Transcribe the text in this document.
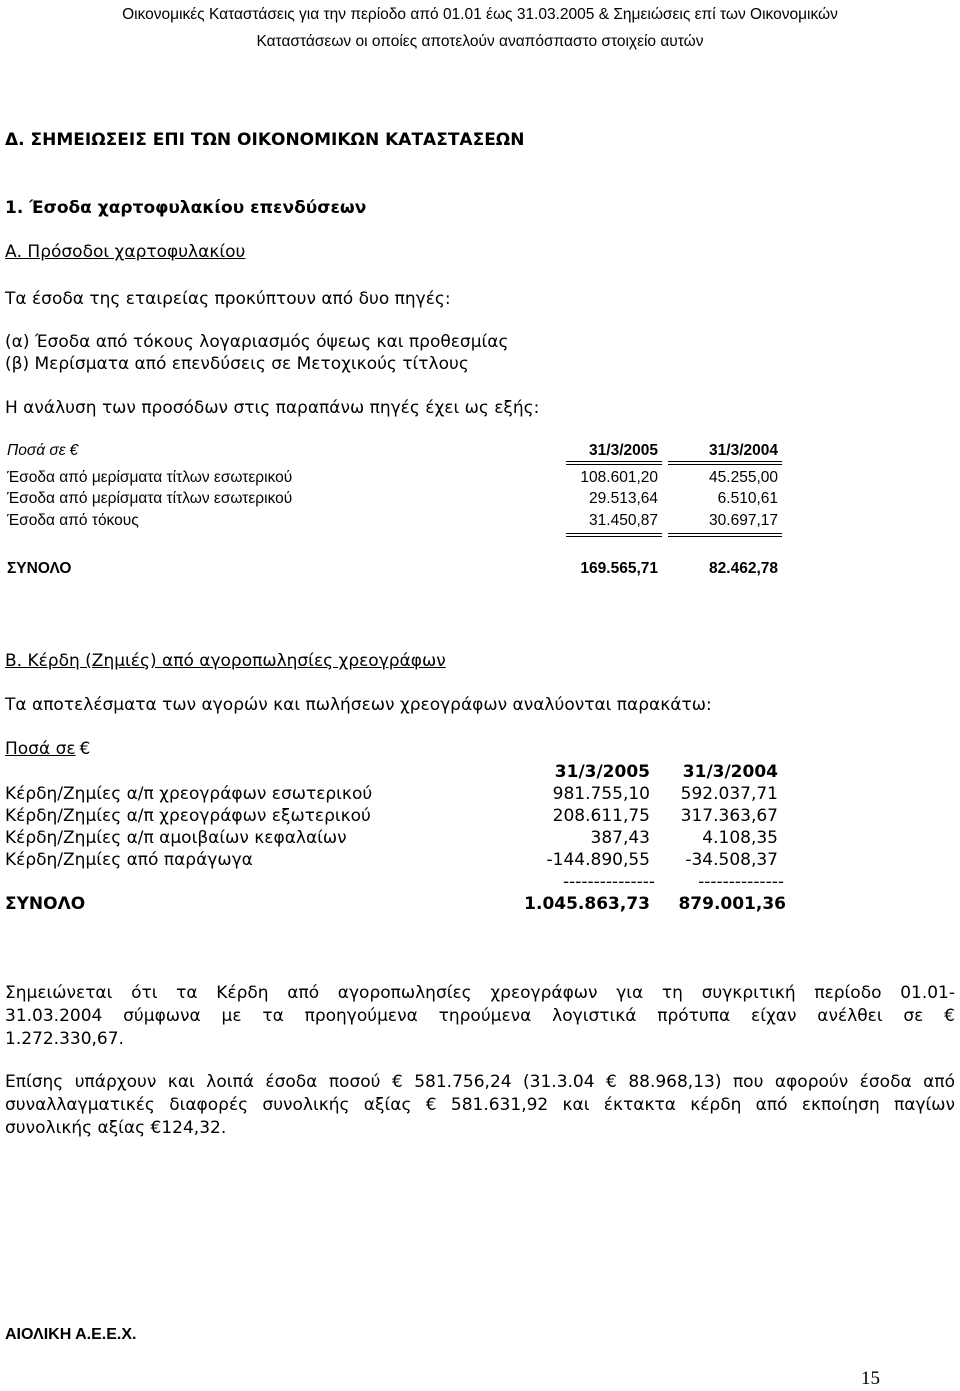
Οικονομικές Καταστάσεις για την περίοδο από 01.01 έως 31.03.2005 & Σημειώσεις επί των Οικονομικών
Καταστάσεων οι οποίες αποτελούν αναπόσπαστο στοιχείο αυτών
Δ. ΣΗΜΕΙΩΣΕΙΣ ΕΠΙ ΤΩΝ ΟΙΚΟΝΟΜΙΚΩΝ ΚΑΤΑΣΤΑΣΕΩΝ
1. Έσοδα χαρτοφυλακίου επενδύσεων
Α. Πρόσοδοι χαρτοφυλακίου
Τα έσοδα της εταιρείας προκύπτουν από δυο πηγές:
(α) Έσοδα από τόκους λογαριασμός όψεως και προθεσμίας
(β) Μερίσματα από επενδύσεις σε Μετοχικούς τίτλους
Η ανάλυση των προσόδων στις παραπάνω πηγές έχει ως εξής:
Ποσά σε €	31/3/2005	31/3/2004
Έσοδα από μερίσματα τίτλων εσωτερικού	108.601,20	45.255,00
Έσοδα από μερίσματα τίτλων εσωτερικού	29.513,64	6.510,61
Έσοδα από τόκους	31.450,87	30.697,17
ΣΥΝΟΛΟ	169.565,71	82.462,78
Β. Κέρδη (Ζημιές) από αγοροπωλησίες χρεογράφων
Τα αποτελέσματα των αγορών και πωλήσεων χρεογράφων αναλύονται παρακάτω:
Ποσά σε €
31/3/2005	31/3/2004
Κέρδη/Ζημίες α/π χρεογράφων εσωτερικού	981.755,10	592.037,71
Κέρδη/Ζημίες α/π χρεογράφων εξωτερικού	208.611,75	317.363,67
Κέρδη/Ζημίες α/π αμοιβαίων κεφαλαίων	387,43	4.108,35
Κέρδη/Ζημίες από παράγωγα	-144.890,55	-34.508,37
---------------	--------------
ΣΥΝΟΛΟ	1.045.863,73	879.001,36

Σημειώνεται ότι τα Κέρδη από αγοροπωλησίες χρεογράφων για τη συγκριτική περίοδο 01.01-

31.03.2004 σύμφωνα με τα προηγούμενα τηρούμενα λογιστικά πρότυπα είχαν ανέλθει σε €

1.272.330,67.

Επίσης υπάρχουν και λοιπά έσοδα ποσού € 581.756,24 (31.3.04 € 88.968,13) που αφορούν έσοδα από

συναλλαγματικές διαφορές συνολικής αξίας € 581.631,92 και έκτακτα κέρδη από εκποίηση παγίων

συνολικής αξίας €124,32.

ΑΙΟΛΙΚΗ Α.Ε.Ε.Χ.
15
